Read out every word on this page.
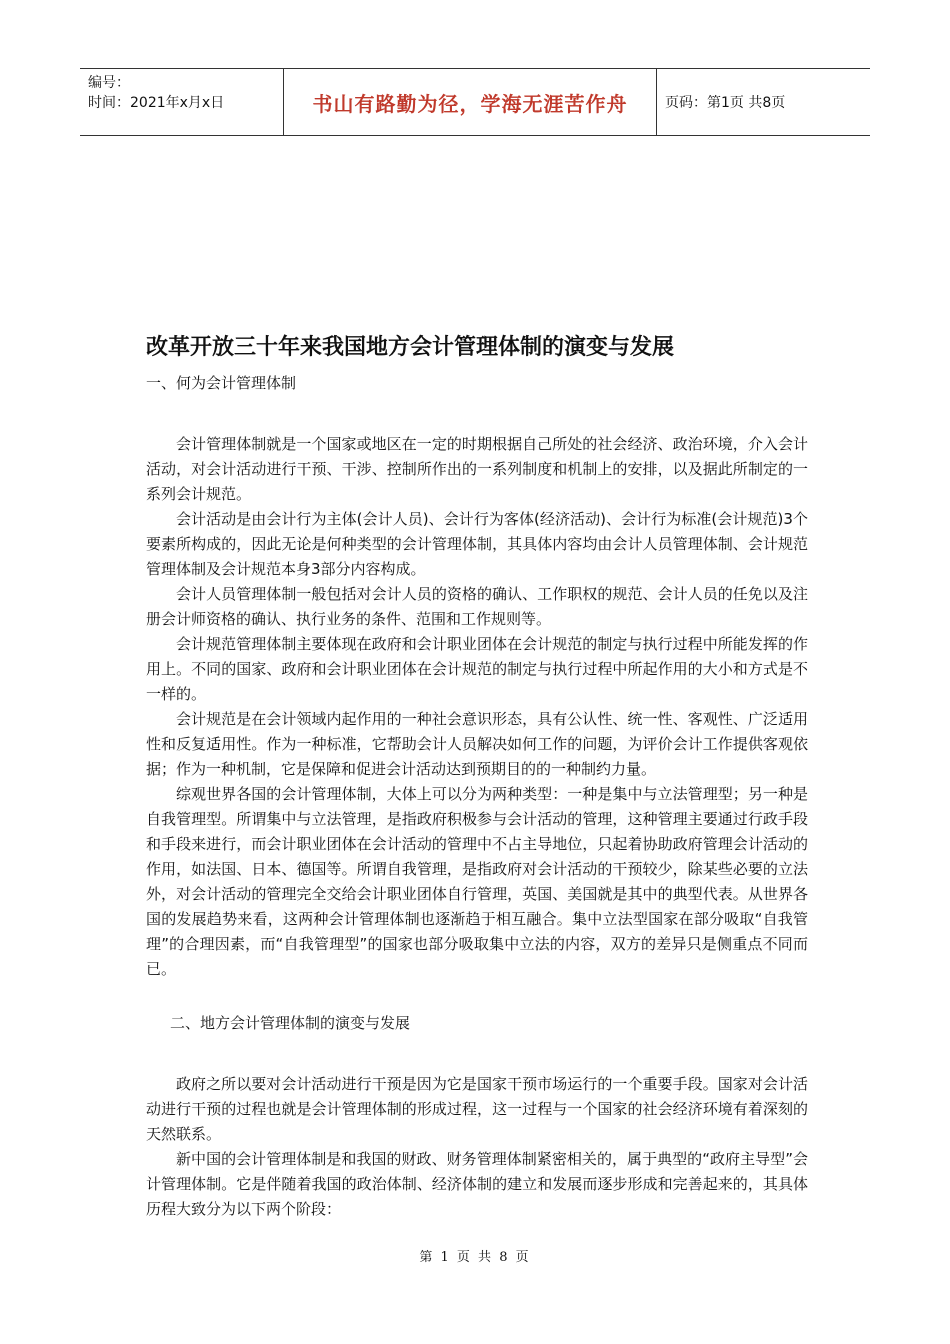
编号：
时间：2021年x月x日	书山有路勤为径，学海无涯苦作舟	页码：第1页 共8页
改革开放三十年来我国地方会计管理体制的演变与发展
一、何为会计管理体制

会计管理体制就是一个国家或地区在一定的时期根据自己所处的社会经济、政治环境，介入会计活动，对会计活动进行干预、干涉、控制所作出的一系列制度和机制上的安排，以及据此所制定的一系列会计规范。

会计活动是由会计行为主体(会计人员)、会计行为客体(经济活动)、会计行为标准(会计规范)3个要素所构成的，因此无论是何种类型的会计管理体制，其具体内容均由会计人员管理体制、会计规范管理体制及会计规范本身3部分内容构成。

会计人员管理体制一般包括对会计人员的资格的确认、工作职权的规范、会计人员的任免以及注册会计师资格的确认、执行业务的条件、范围和工作规则等。

会计规范管理体制主要体现在政府和会计职业团体在会计规范的制定与执行过程中所能发挥的作用上。不同的国家、政府和会计职业团体在会计规范的制定与执行过程中所起作用的大小和方式是不一样的。

会计规范是在会计领域内起作用的一种社会意识形态，具有公认性、统一性、客观性、广泛适用性和反复适用性。作为一种标准，它帮助会计人员解决如何工作的问题，为评价会计工作提供客观依据；作为一种机制，它是保障和促进会计活动达到预期目的的一种制约力量。

综观世界各国的会计管理体制，大体上可以分为两种类型：一种是集中与立法管理型；另一种是自我管理型。所谓集中与立法管理，是指政府积极参与会计活动的管理，这种管理主要通过行政手段和手段来进行，而会计职业团体在会计活动的管理中不占主导地位，只起着协助政府管理会计活动的作用，如法国、日本、德国等。所谓自我管理，是指政府对会计活动的干预较少，除某些必要的立法外，对会计活动的管理完全交给会计职业团体自行管理，英国、美国就是其中的典型代表。从世界各国的发展趋势来看，这两种会计管理体制也逐渐趋于相互融合。集中立法型国家在部分吸取“自我管理”的合理因素，而“自我管理型”的国家也部分吸取集中立法的内容，双方的差异只是侧重点不同而已。

二、地方会计管理体制的演变与发展

政府之所以要对会计活动进行干预是因为它是国家干预市场运行的一个重要手段。国家对会计活动进行干预的过程也就是会计管理体制的形成过程，这一过程与一个国家的社会经济环境有着深刻的天然联系。

新中国的会计管理体制是和我国的财政、财务管理体制紧密相关的，属于典型的“政府主导型”会计管理体制。它是伴随着我国的政治体制、经济体制的建立和发展而逐步形成和完善起来的，其具体历程大致分为以下两个阶段：

第 1 页 共 8 页
